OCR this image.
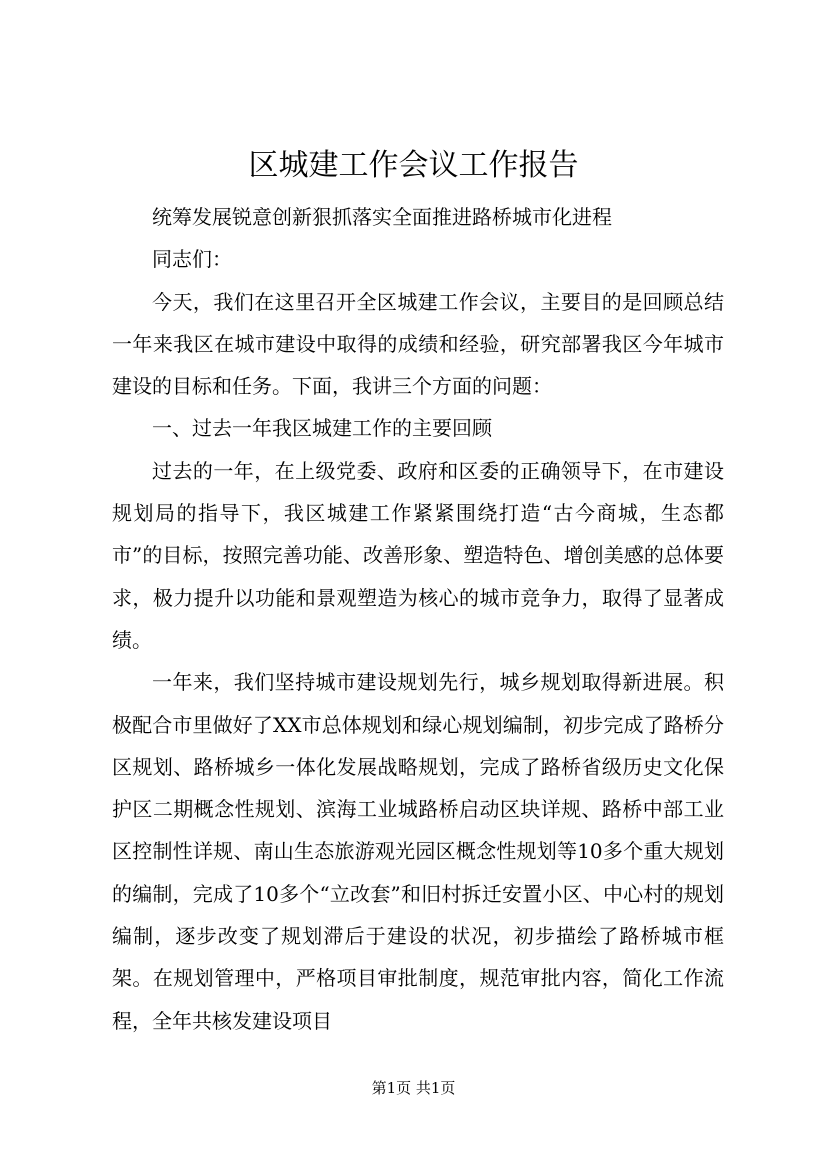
区城建工作会议工作报告

统筹发展锐意创新狠抓落实全面推进路桥城市化进程

同志们：

今天，我们在这里召开全区城建工作会议，主要目的是回顾总结一年来我区在城市建设中取得的成绩和经验，研究部署我区今年城市建设的目标和任务。下面，我讲三个方面的问题：

一、过去一年我区城建工作的主要回顾

过去的一年，在上级党委、政府和区委的正确领导下，在市建设规划局的指导下，我区城建工作紧紧围绕打造“古今商城，生态都市”的目标，按照完善功能、改善形象、塑造特色、增创美感的总体要求，极力提升以功能和景观塑造为核心的城市竞争力，取得了显著成绩。

一年来，我们坚持城市建设规划先行，城乡规划取得新进展。积极配合市里做好了XX市总体规划和绿心规划编制，初步完成了路桥分区规划、路桥城乡一体化发展战略规划，完成了路桥省级历史文化保护区二期概念性规划、滨海工业城路桥启动区块详规、路桥中部工业区控制性详规、南山生态旅游观光园区概念性规划等10多个重大规划的编制，完成了10多个“立改套”和旧村拆迁安置小区、中心村的规划编制，逐步改变了规划滞后于建设的状况，初步描绘了路桥城市框架。在规划管理中，严格项目审批制度，规范审批内容，简化工作流程，全年共核发建设项目

第1页 共1页
